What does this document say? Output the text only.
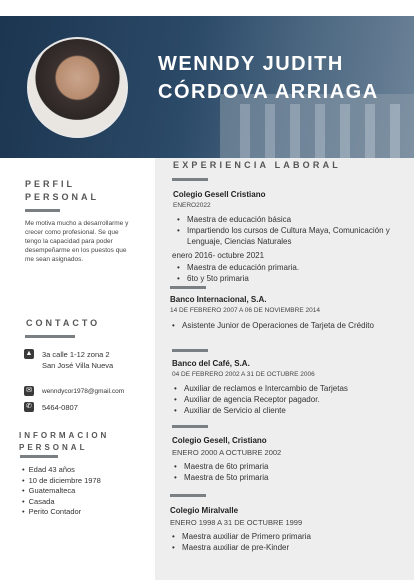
WENNDY JUDITH
CÓRDOVA ARRIAGA
PERFIL
PERSONAL
Me motiva mucho a desarrollarme y crecer como profesional. Se que tengo la capacidad para poder desempeñarme en los puestos que me sean asignados.
CONTACTO
▲ 3a calle 1-12 zona 2
San José Villa Nueva
✉	wenndycor1978@gmail.com
✆ 5464-0807
INFORMACION
PERSONAL
• Edad 43 años
• 10 de diciembre 1978
• Guatemalteca
• Casada
• Perito Contador
EXPERIENCIA LABORAL
Colegio Gesell Cristiano
ENERO2022
• Maestra de educación básica
• Impartiendo los cursos de Cultura Maya, Comunicación y Lenguaje, Ciencias Naturales
enero 2016- octubre 2021
• Maestra de educación primaria.
• 6to y 5to primaria
Banco Internacional, S.A.
14 DE FEBRERO 2007 A 06 DE NOVIEMBRE 2014
• Asistente Junior de Operaciones de Tarjeta de Crédito
Banco del Café, S.A.
04 DE FEBRERO 2002 A 31 DE OCTUBRE 2006
• Auxiliar de reclamos e Intercambio de Tarjetas
• Auxiliar de agencia Receptor pagador.
• Auxiliar de Servicio al cliente
Colegio Gesell, Cristiano
ENERO 2000 A OCTUBRE 2002
• Maestra de 6to primaria
• Maestra de 5to primaria
Colegio Miralvalle
ENERO 1998 A 31 DE OCTUBRE 1999
• Maestra auxiliar de Primero primaria
• Maestra auxiliar de pre-Kinder
